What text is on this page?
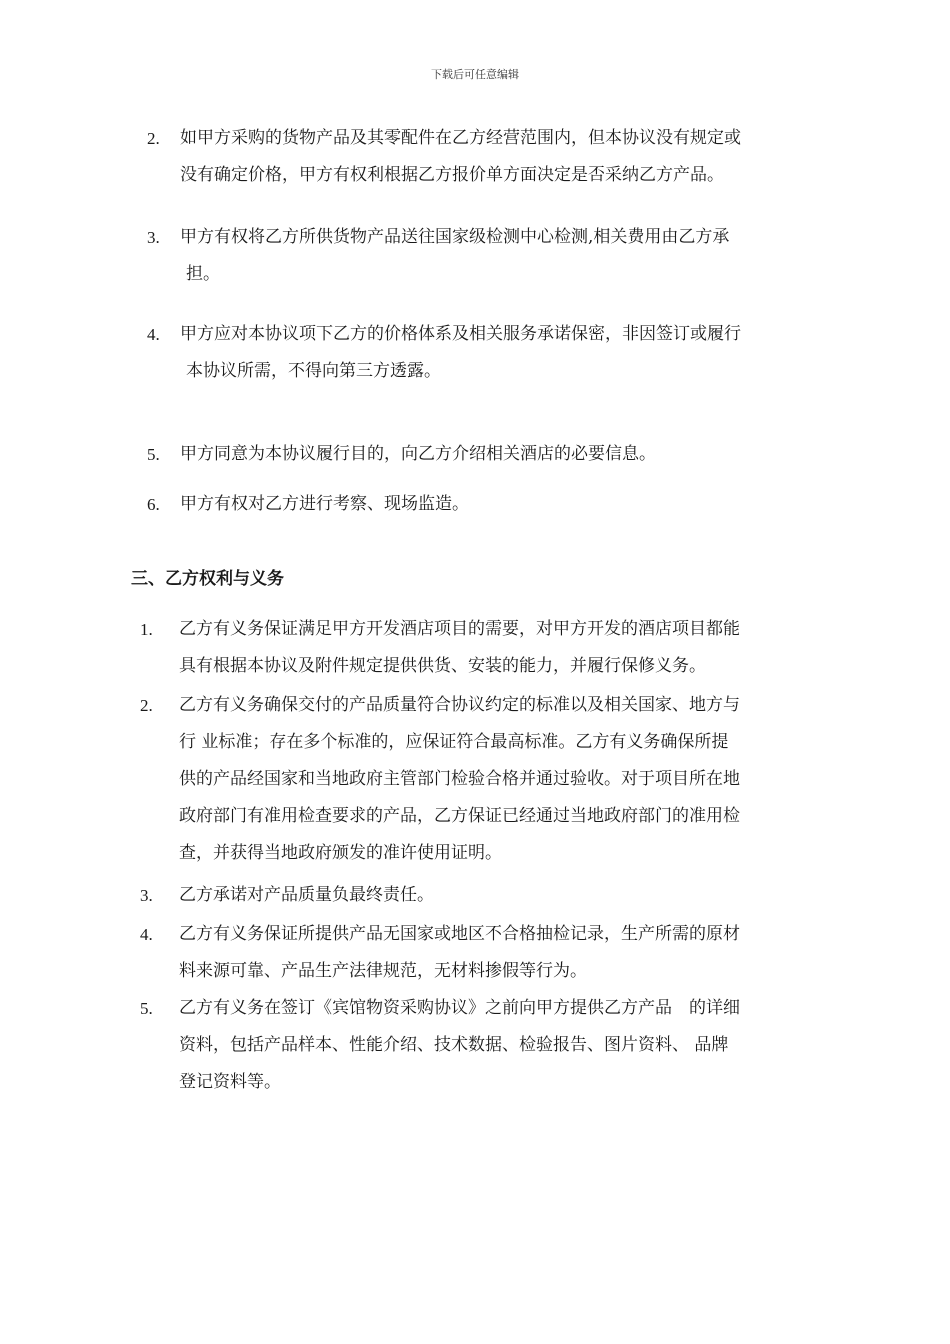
下载后可任意编辑
2. 如甲方采购的货物产品及其零配件在乙方经营范围内，但本协议没有规定或
没有确定价格，甲方有权利根据乙方报价单方面决定是否采纳乙方产品。
3. 甲方有权将乙方所供货物产品送往国家级检测中心检测,相关费用由乙方承
担。
4. 甲方应对本协议项下乙方的价格体系及相关服务承诺保密，非因签订或履行
本协议所需，不得向第三方透露。
5. 甲方同意为本协议履行目的，向乙方介绍相关酒店的必要信息。
6. 甲方有权对乙方进行考察、现场监造。
三、乙方权利与义务
1. 乙方有义务保证满足甲方开发酒店项目的需要，对甲方开发的酒店项目都能
具有根据本协议及附件规定提供供货、安装的能力，并履行保修义务。
2. 乙方有义务确保交付的产品质量符合协议约定的标准以及相关国家、地方与
行 业标准；存在多个标准的，应保证符合最高标准。乙方有义务确保所提
供的产品经国家和当地政府主管部门检验合格并通过验收。对于项目所在地
政府部门有准用检查要求的产品，乙方保证已经通过当地政府部门的准用检
查，并获得当地政府颁发的准许使用证明。
3. 乙方承诺对产品质量负最终责任。
4. 乙方有义务保证所提供产品无国家或地区不合格抽检记录，生产所需的原材
料来源可靠、产品生产法律规范，无材料掺假等行为。
5. 乙方有义务在签订《宾馆物资采购协议》之前向甲方提供乙方产品　的详细
资料，包括产品样本、性能介绍、技术数据、检验报告、图片资料、 品牌
登记资料等。
